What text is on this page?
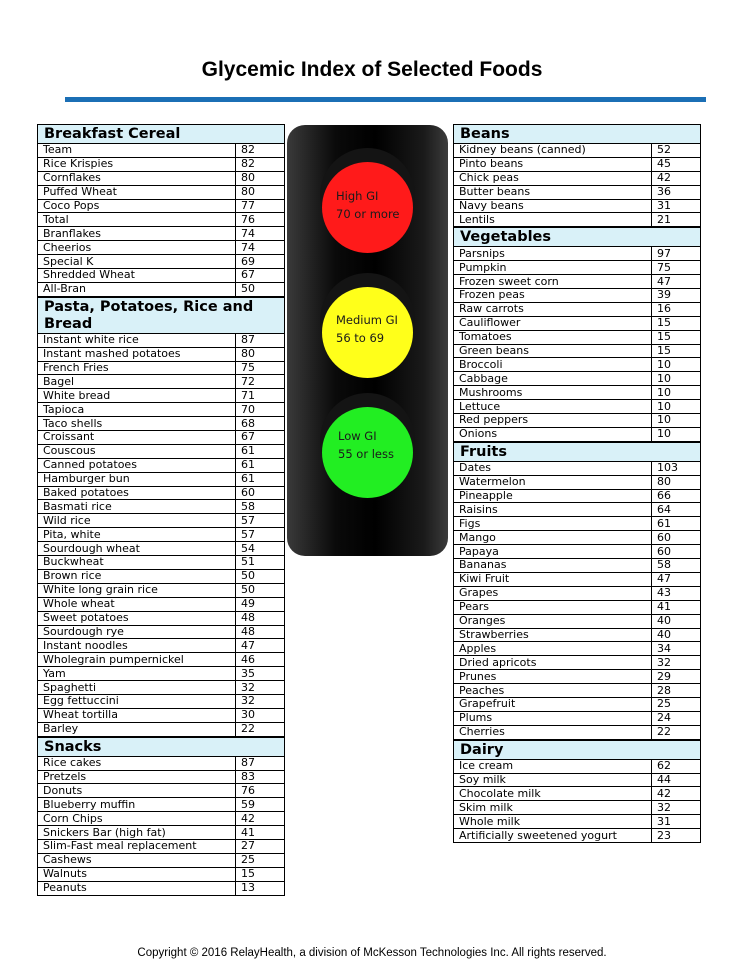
Glycemic Index of Selected Foods
Breakfast Cereal
Team	82
Rice Krispies	82
Cornflakes	80
Puffed Wheat	80
Coco Pops	77
Total	76
Branflakes	74
Cheerios	74
Special K	69
Shredded Wheat	67
All-Bran	50
Pasta, Potatoes, Rice and Bread
Instant white rice	87
Instant mashed potatoes	80
French Fries	75
Bagel	72
White bread	71
Tapioca	70
Taco shells	68
Croissant	67
Couscous	61
Canned potatoes	61
Hamburger bun	61
Baked potatoes	60
Basmati rice	58
Wild rice	57
Pita, white	57
Sourdough wheat	54
Buckwheat	51
Brown rice	50
White long grain rice	50
Whole wheat	49
Sweet potatoes	48
Sourdough rye	48
Instant noodles	47
Wholegrain pumpernickel	46
Yam	35
Spaghetti	32
Egg fettuccini	32
Wheat tortilla	30
Barley	22
Snacks
Rice cakes	87
Pretzels	83
Donuts	76
Blueberry muffin	59
Corn Chips	42
Snickers Bar (high fat)	41
Slim-Fast meal replacement	27
Cashews	25
Walnuts	15
Peanuts	13
Beans
Kidney beans (canned)	52
Pinto beans	45
Chick peas	42
Butter beans	36
Navy beans	31
Lentils	21
Vegetables
Parsnips	97
Pumpkin	75
Frozen sweet corn	47
Frozen peas	39
Raw carrots	16
Cauliflower	15
Tomatoes	15
Green beans	15
Broccoli	10
Cabbage	10
Mushrooms	10
Lettuce	10
Red peppers	10
Onions	10
Fruits
Dates	103
Watermelon	80
Pineapple	66
Raisins	64
Figs	61
Mango	60
Papaya	60
Bananas	58
Kiwi Fruit	47
Grapes	43
Pears	41
Oranges	40
Strawberries	40
Apples	34
Dried apricots	32
Prunes	29
Peaches	28
Grapefruit	25
Plums	24
Cherries	22
Dairy
Ice cream	62
Soy milk	44
Chocolate milk	42
Skim milk	32
Whole milk	31
Artificially sweetened yogurt	23
High GI
70 or more
Medium GI
56 to 69
Low GI
55 or less
Copyright © 2016 RelayHealth, a division of McKesson Technologies Inc. All rights reserved.
